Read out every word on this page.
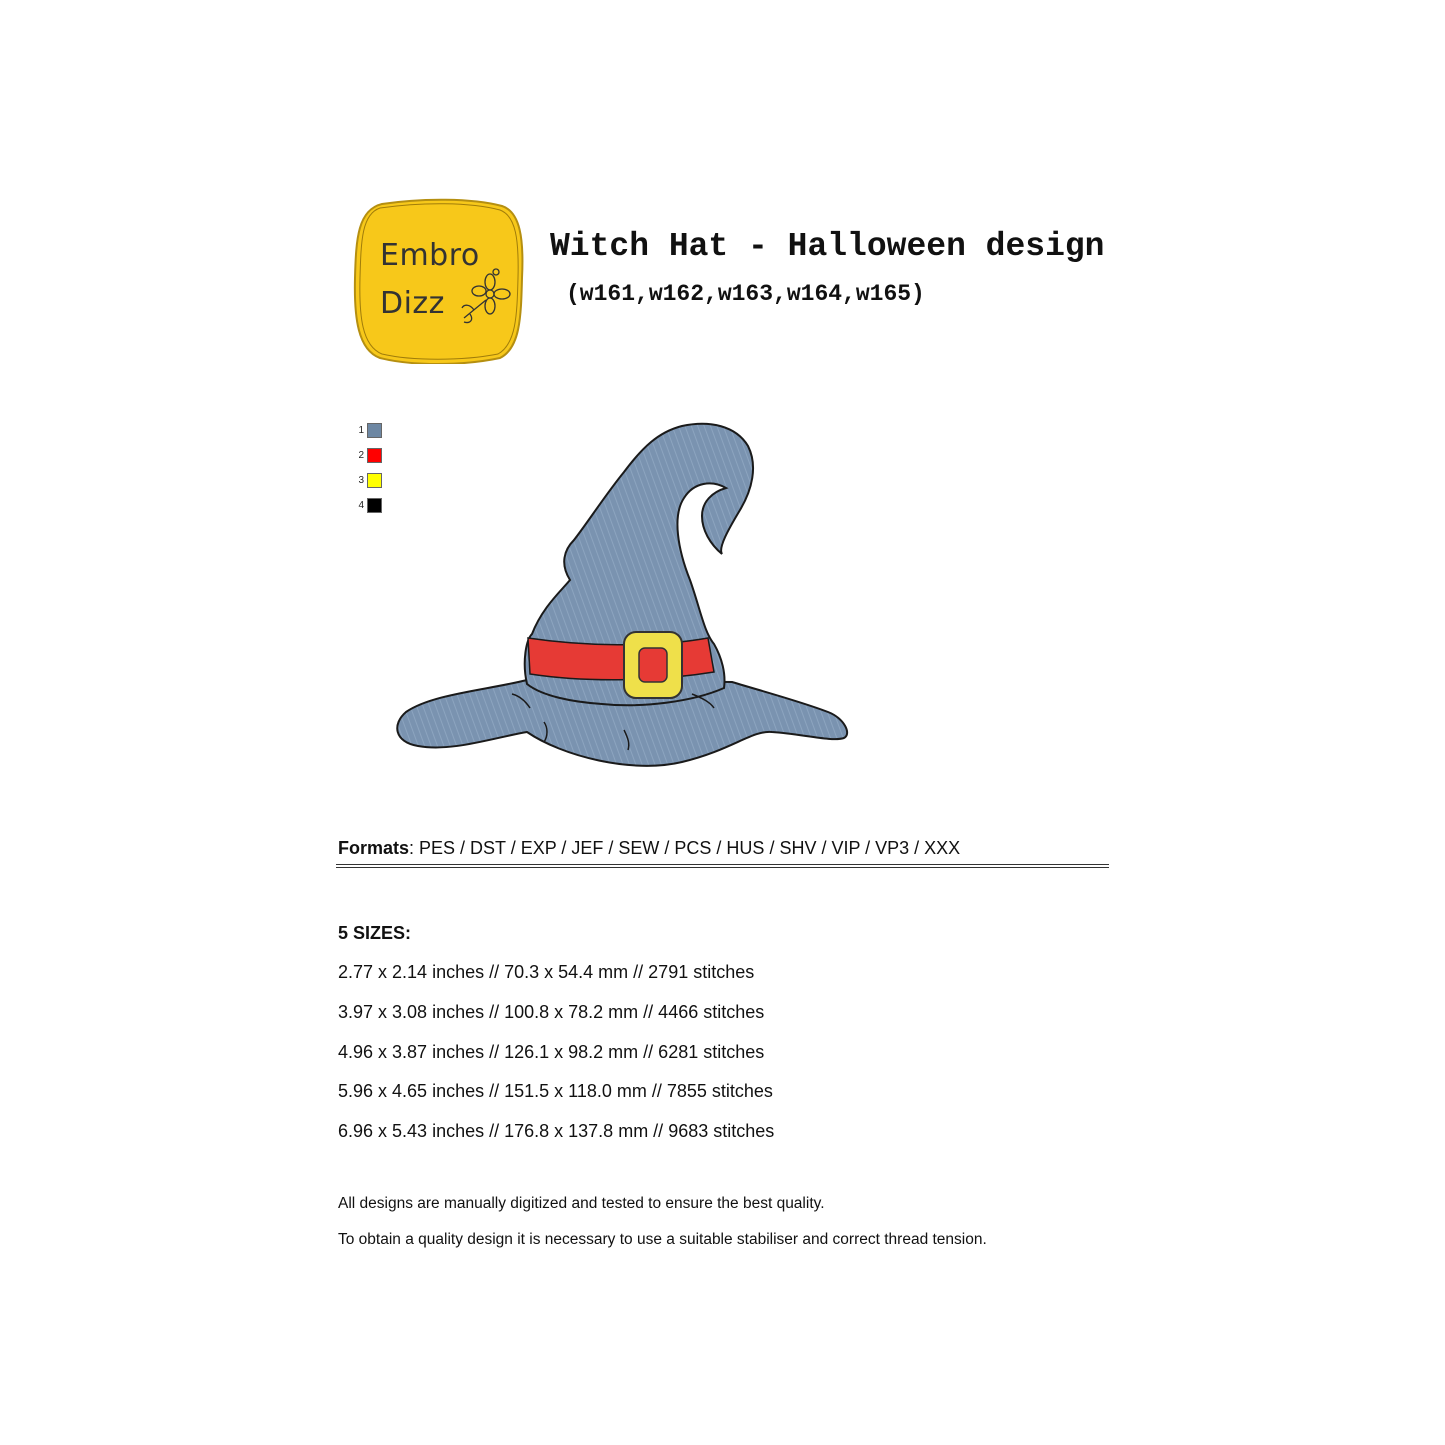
Embro
Dizz
Witch Hat - Halloween design
(w161,w162,w163,w164,w165)
1
2
3
4
Formats: PES / DST / EXP / JEF / SEW / PCS / HUS / SHV / VIP / VP3 / XXX
5 SIZES:
2.77 x 2.14 inches // 70.3 x 54.4 mm // 2791 stitches
3.97 x 3.08 inches // 100.8 x 78.2 mm // 4466 stitches
4.96 x 3.87 inches // 126.1 x 98.2 mm // 6281 stitches
5.96 x 4.65 inches // 151.5 x 118.0 mm // 7855 stitches
6.96 x 5.43 inches // 176.8 x 137.8 mm // 9683 stitches
All designs are manually digitized and tested to ensure the best quality.
To obtain a quality design it is necessary to use a suitable stabiliser and correct thread tension.
